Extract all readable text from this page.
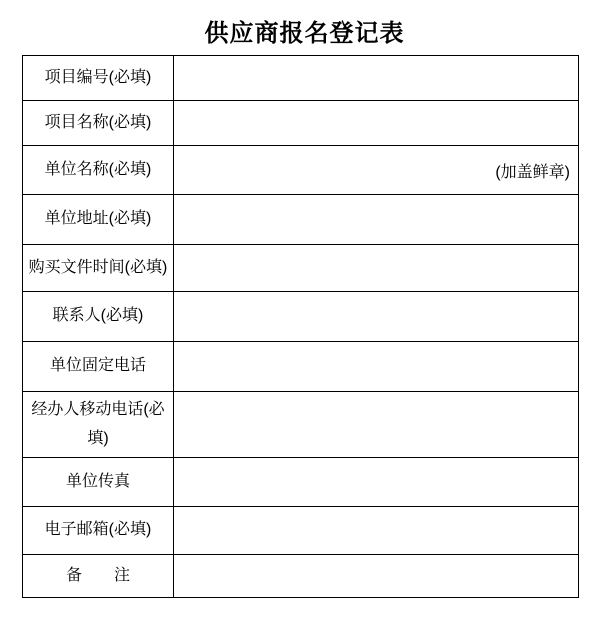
供应商报名登记表
项目编号(必填)
项目名称(必填)
单位名称(必填)	(加盖鲜章)
单位地址(必填)
购买文件时间(必填)
联系人(必填)
单位固定电话
经办人移动电话(必填)
单位传真
电子邮箱(必填)
备　　注
